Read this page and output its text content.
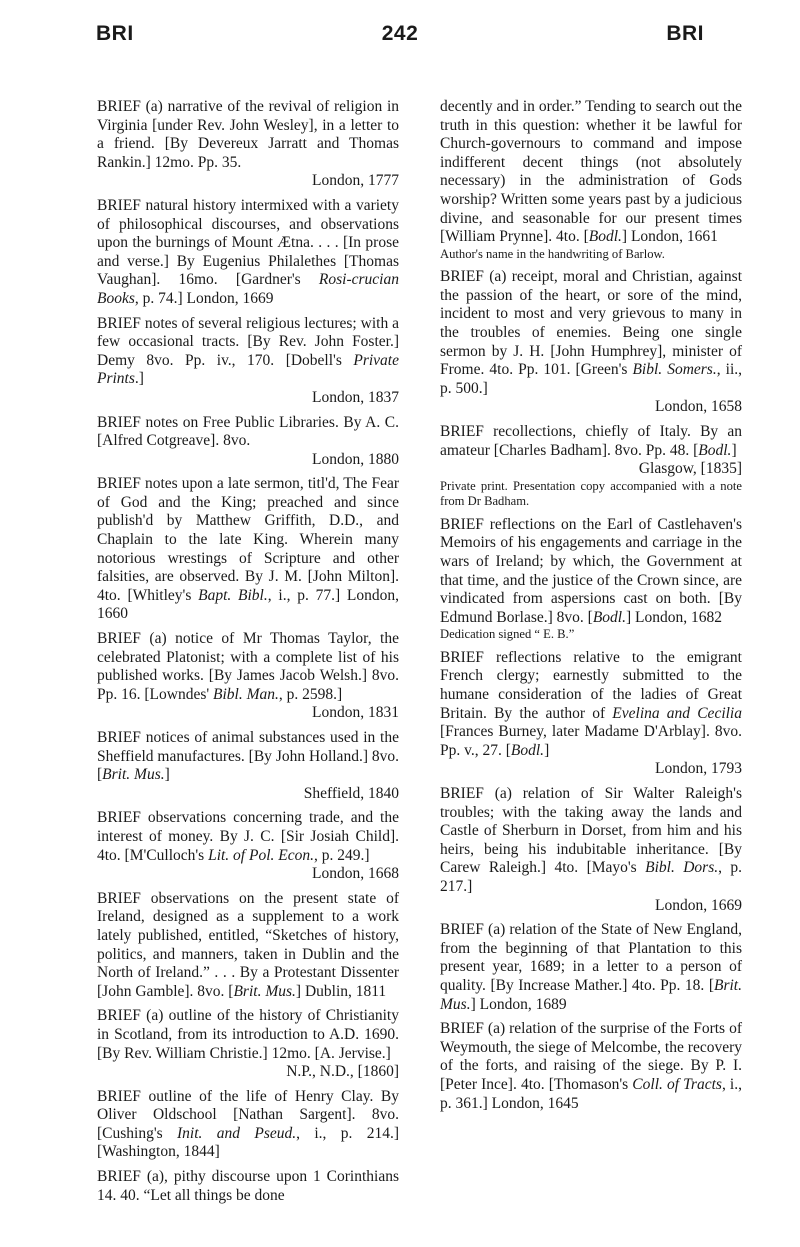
BRI	242	BRI

BRIEF (a) narrative of the revival of religion in Virginia [under Rev. John Wesley], in a letter to a friend. [By Devereux Jarratt and Thomas Rankin.] 12mo. Pp. 35.

London, 1777

BRIEF natural history intermixed with a variety of philosophical discourses, and observations upon the burnings of Mount Ætna. . . . [In prose and verse.] By Eugenius Philalethes [Thomas Vaughan]. 16mo. [Gardner's Rosi-crucian Books, p. 74.] London, 1669

BRIEF notes of several religious lectures; with a few occasional tracts. [By Rev. John Foster.] Demy 8vo. Pp. iv., 170. [Dobell's Private Prints.]

London, 1837

BRIEF notes on Free Public Libraries. By A. C. [Alfred Cotgreave]. 8vo.

London, 1880

BRIEF notes upon a late sermon, titl'd, The Fear of God and the King; preached and since publish'd by Matthew Griffith, D.D., and Chaplain to the late King. Wherein many notorious wrestings of Scripture and other falsities, are observed. By J. M. [John Milton]. 4to. [Whitley's Bapt. Bibl., i., p. 77.] London, 1660

BRIEF (a) notice of Mr Thomas Taylor, the celebrated Platonist; with a complete list of his published works. [By James Jacob Welsh.] 8vo. Pp. 16. [Lowndes' Bibl. Man., p. 2598.]

London, 1831

BRIEF notices of animal substances used in the Sheffield manufactures. [By John Holland.] 8vo. [Brit. Mus.]

Sheffield, 1840

BRIEF observations concerning trade, and the interest of money. By J. C. [Sir Josiah Child]. 4to. [M'Culloch's Lit. of Pol. Econ., p. 249.]

London, 1668

BRIEF observations on the present state of Ireland, designed as a supplement to a work lately published, entitled, “Sketches of history, politics, and manners, taken in Dublin and the North of Ireland.” . . . By a Protestant Dissenter [John Gamble]. 8vo. [Brit. Mus.] Dublin, 1811

BRIEF (a) outline of the history of Christianity in Scotland, from its introduction to A.D. 1690. [By Rev. William Christie.] 12mo. [A. Jervise.]

N.P., N.D., [1860]

BRIEF outline of the life of Henry Clay. By Oliver Oldschool [Nathan Sargent]. 8vo. [Cushing's Init. and Pseud., i., p. 214.] [Washington, 1844]

BRIEF (a), pithy discourse upon 1 Corinthians 14. 40. “Let all things be done

decently and in order.” Tending to search out the truth in this question: whether it be lawful for Church-governours to command and impose indifferent decent things (not absolutely necessary) in the administration of Gods worship? Written some years past by a judicious divine, and seasonable for our present times [William Prynne]. 4to. [Bodl.] London, 1661

Author's name in the handwriting of Barlow.

BRIEF (a) receipt, moral and Christian, against the passion of the heart, or sore of the mind, incident to most and very grievous to many in the troubles of enemies. Being one single sermon by J. H. [John Humphrey], minister of Frome. 4to. Pp. 101. [Green's Bibl. Somers., ii., p. 500.]

London, 1658

BRIEF recollections, chiefly of Italy. By an amateur [Charles Badham]. 8vo. Pp. 48. [Bodl.]

Glasgow, [1835]

Private print. Presentation copy accompanied with a note from Dr Badham.

BRIEF reflections on the Earl of Castlehaven's Memoirs of his engagements and carriage in the wars of Ireland; by which, the Government at that time, and the justice of the Crown since, are vindicated from aspersions cast on both. [By Edmund Borlase.] 8vo. [Bodl.] London, 1682

Dedication signed “ E. B.”

BRIEF reflections relative to the emigrant French clergy; earnestly submitted to the humane consideration of the ladies of Great Britain. By the author of Evelina and Cecilia [Frances Burney, later Madame D'Arblay]. 8vo. Pp. v., 27. [Bodl.]

London, 1793

BRIEF (a) relation of Sir Walter Raleigh's troubles; with the taking away the lands and Castle of Sherburn in Dorset, from him and his heirs, being his indubitable inheritance. [By Carew Raleigh.] 4to. [Mayo's Bibl. Dors., p. 217.]

London, 1669

BRIEF (a) relation of the State of New England, from the beginning of that Plantation to this present year, 1689; in a letter to a person of quality. [By Increase Mather.] 4to. Pp. 18. [Brit. Mus.] London, 1689

BRIEF (a) relation of the surprise of the Forts of Weymouth, the siege of Melcombe, the recovery of the forts, and raising of the siege. By P. I. [Peter Ince]. 4to. [Thomason's Coll. of Tracts, i., p. 361.] London, 1645
